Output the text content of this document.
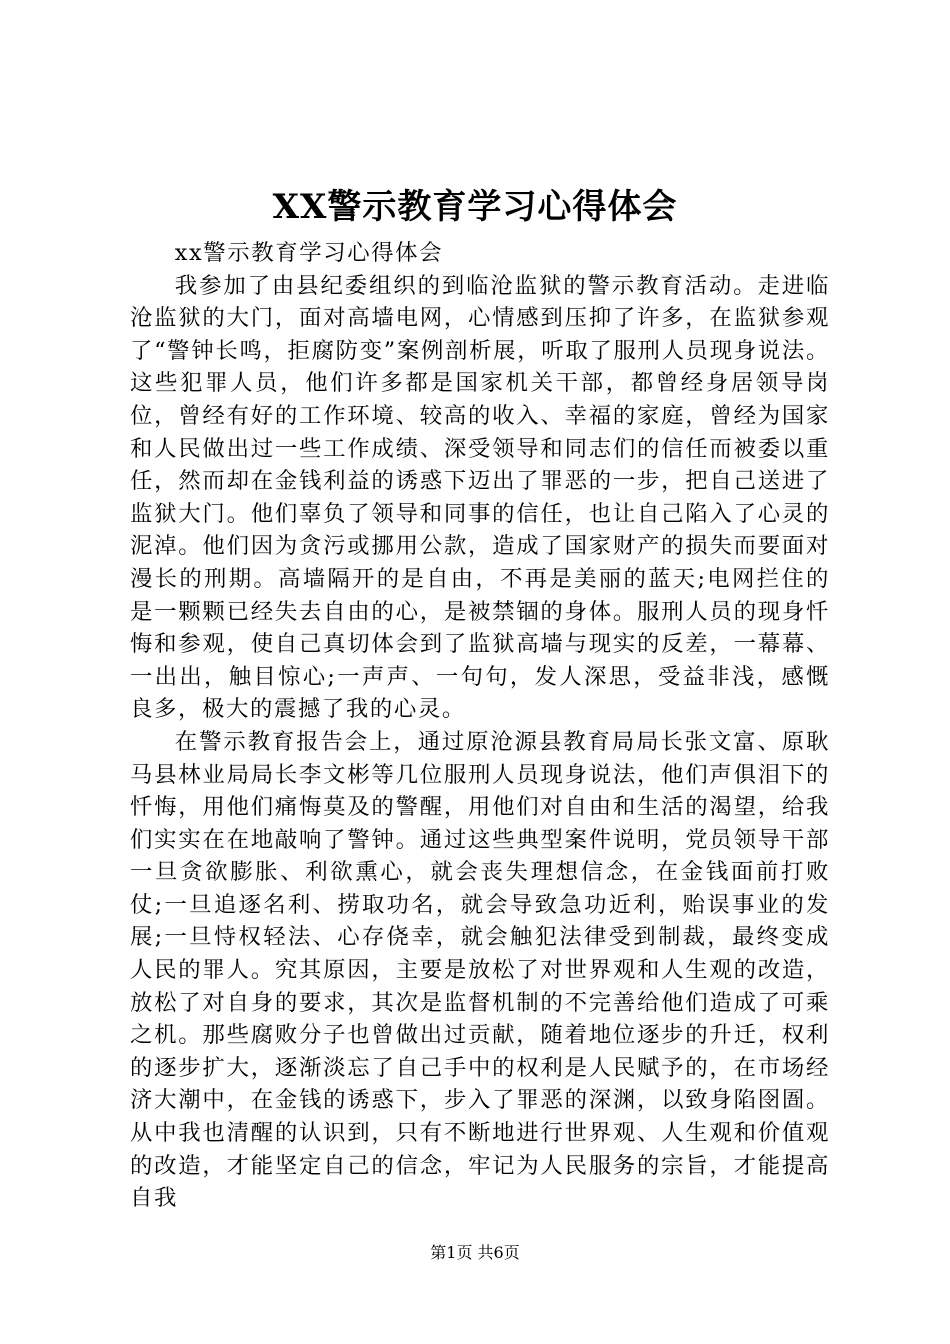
XX警示教育学习心得体会

xx警示教育学习心得体会

我参加了由县纪委组织的到临沧监狱的警示教育活动。走进临沧监狱的大门，面对高墙电网，心情感到压抑了许多，在监狱参观了“警钟长鸣，拒腐防变”案例剖析展，听取了服刑人员现身说法。这些犯罪人员，他们许多都是国家机关干部，都曾经身居领导岗位，曾经有好的工作环境、较高的收入、幸福的家庭，曾经为国家和人民做出过一些工作成绩、深受领导和同志们的信任而被委以重任，然而却在金钱利益的诱惑下迈出了罪恶的一步，把自己送进了监狱大门。他们辜负了领导和同事的信任，也让自己陷入了心灵的泥淖。他们因为贪污或挪用公款，造成了国家财产的损失而要面对漫长的刑期。高墙隔开的是自由，不再是美丽的蓝天;电网拦住的是一颗颗已经失去自由的心，是被禁锢的身体。服刑人员的现身忏悔和参观，使自己真切体会到了监狱高墙与现实的反差，一幕幕、一出出，触目惊心;一声声、一句句，发人深思，受益非浅，感慨良多，极大的震撼了我的心灵。

在警示教育报告会上，通过原沧源县教育局局长张文富、原耿马县林业局局长李文彬等几位服刑人员现身说法，他们声俱泪下的忏悔，用他们痛悔莫及的警醒，用他们对自由和生活的渴望，给我们实实在在地敲响了警钟。通过这些典型案件说明，党员领导干部一旦贪欲膨胀、利欲熏心，就会丧失理想信念，在金钱面前打败仗;一旦追逐名利、捞取功名，就会导致急功近利，贻误事业的发展;一旦恃权轻法、心存侥幸，就会触犯法律受到制裁，最终变成人民的罪人。究其原因，主要是放松了对世界观和人生观的改造，放松了对自身的要求，其次是监督机制的不完善给他们造成了可乘之机。那些腐败分子也曾做出过贡献，随着地位逐步的升迁，权利的逐步扩大，逐渐淡忘了自己手中的权利是人民赋予的，在市场经济大潮中，在金钱的诱惑下，步入了罪恶的深渊，以致身陷囹圄。从中我也清醒的认识到，只有不断地进行世界观、人生观和价值观的改造，才能坚定自己的信念，牢记为人民服务的宗旨，才能提高自我

第1页 共6页
